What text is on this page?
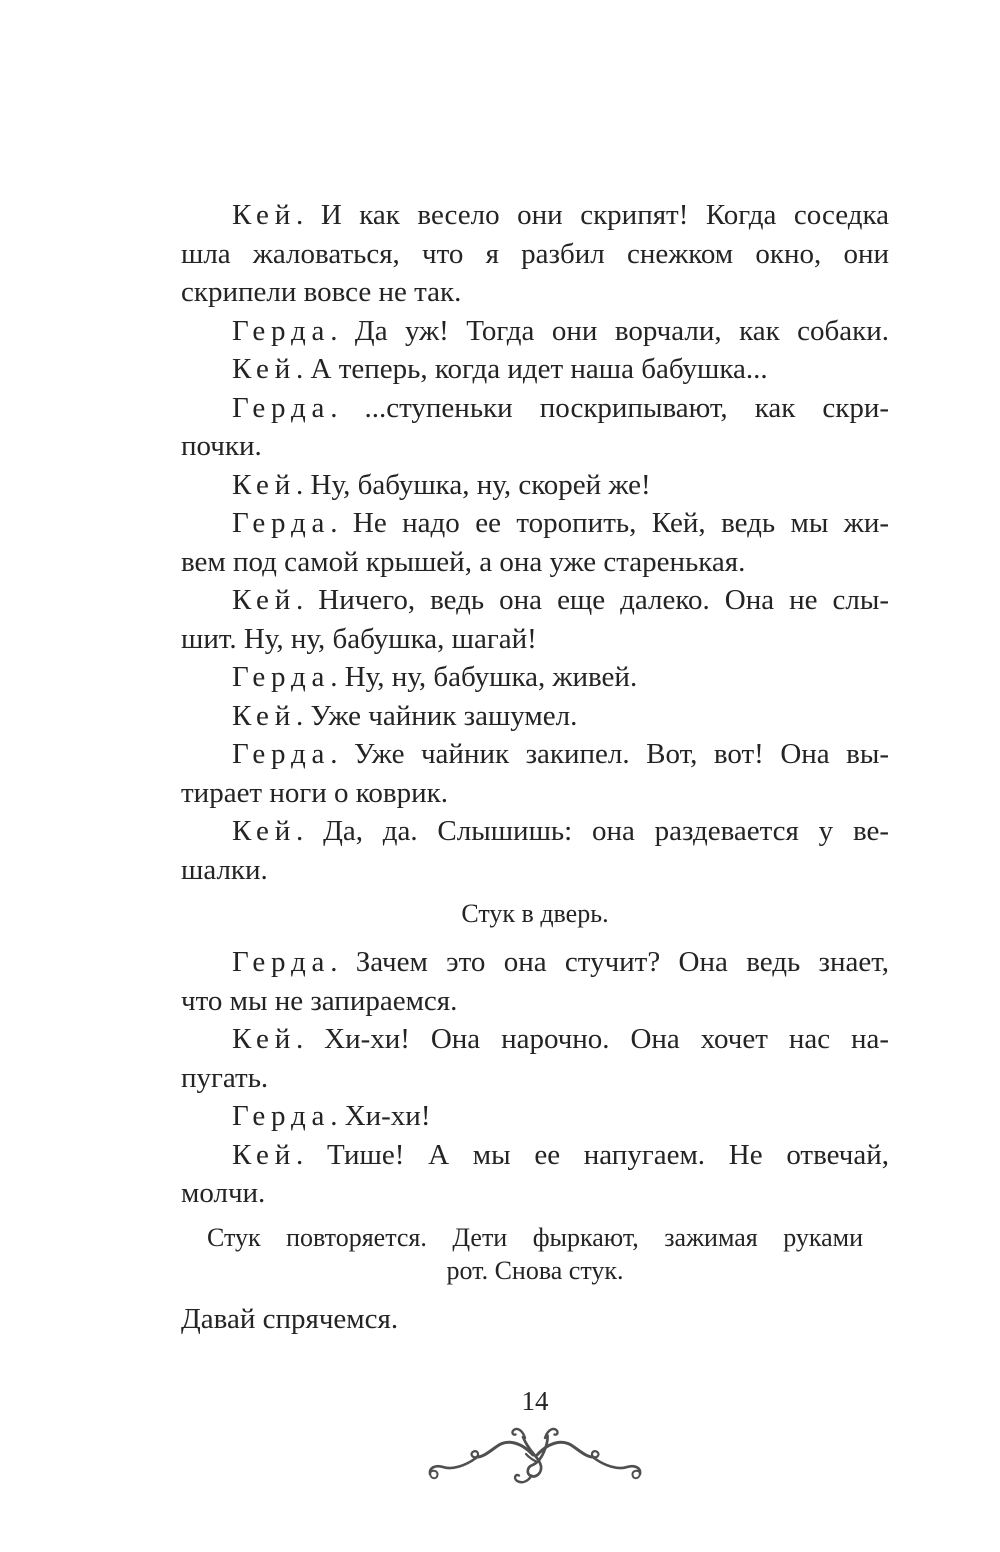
Кей. И как весело они скрипят! Когда соседка
шла жаловаться, что я разбил снежком окно, они
скрипели вовсе не так.
Герда. Да уж! Тогда они ворчали, как собаки.
Кей. А теперь, когда идет наша бабушка...
Герда. ...ступеньки поскрипывают, как скри-
почки.
Кей. Ну, бабушка, ну, скорей же!
Герда. Не надо ее торопить, Кей, ведь мы жи-
вем под самой крышей, а она уже старенькая.
Кей. Ничего, ведь она еще далеко. Она не слы-
шит. Ну, ну, бабушка, шагай!
Герда. Ну, ну, бабушка, живей.
Кей. Уже чайник зашумел.
Герда. Уже чайник закипел. Вот, вот! Она вы-
тирает ноги о коврик.
Кей. Да, да. Слышишь: она раздевается у ве-
шалки.
Стук в дверь.
Герда. Зачем это она стучит? Она ведь знает,
что мы не запираемся.
Кей. Хи-хи! Она нарочно. Она хочет нас на-
пугать.
Герда. Хи-хи!
Кей. Тише! А мы ее напугаем. Не отвечай,
молчи.
Стук повторяется. Дети фыркают, зажимая руками
рот. Снова стук.
Давай спрячемся.
14
